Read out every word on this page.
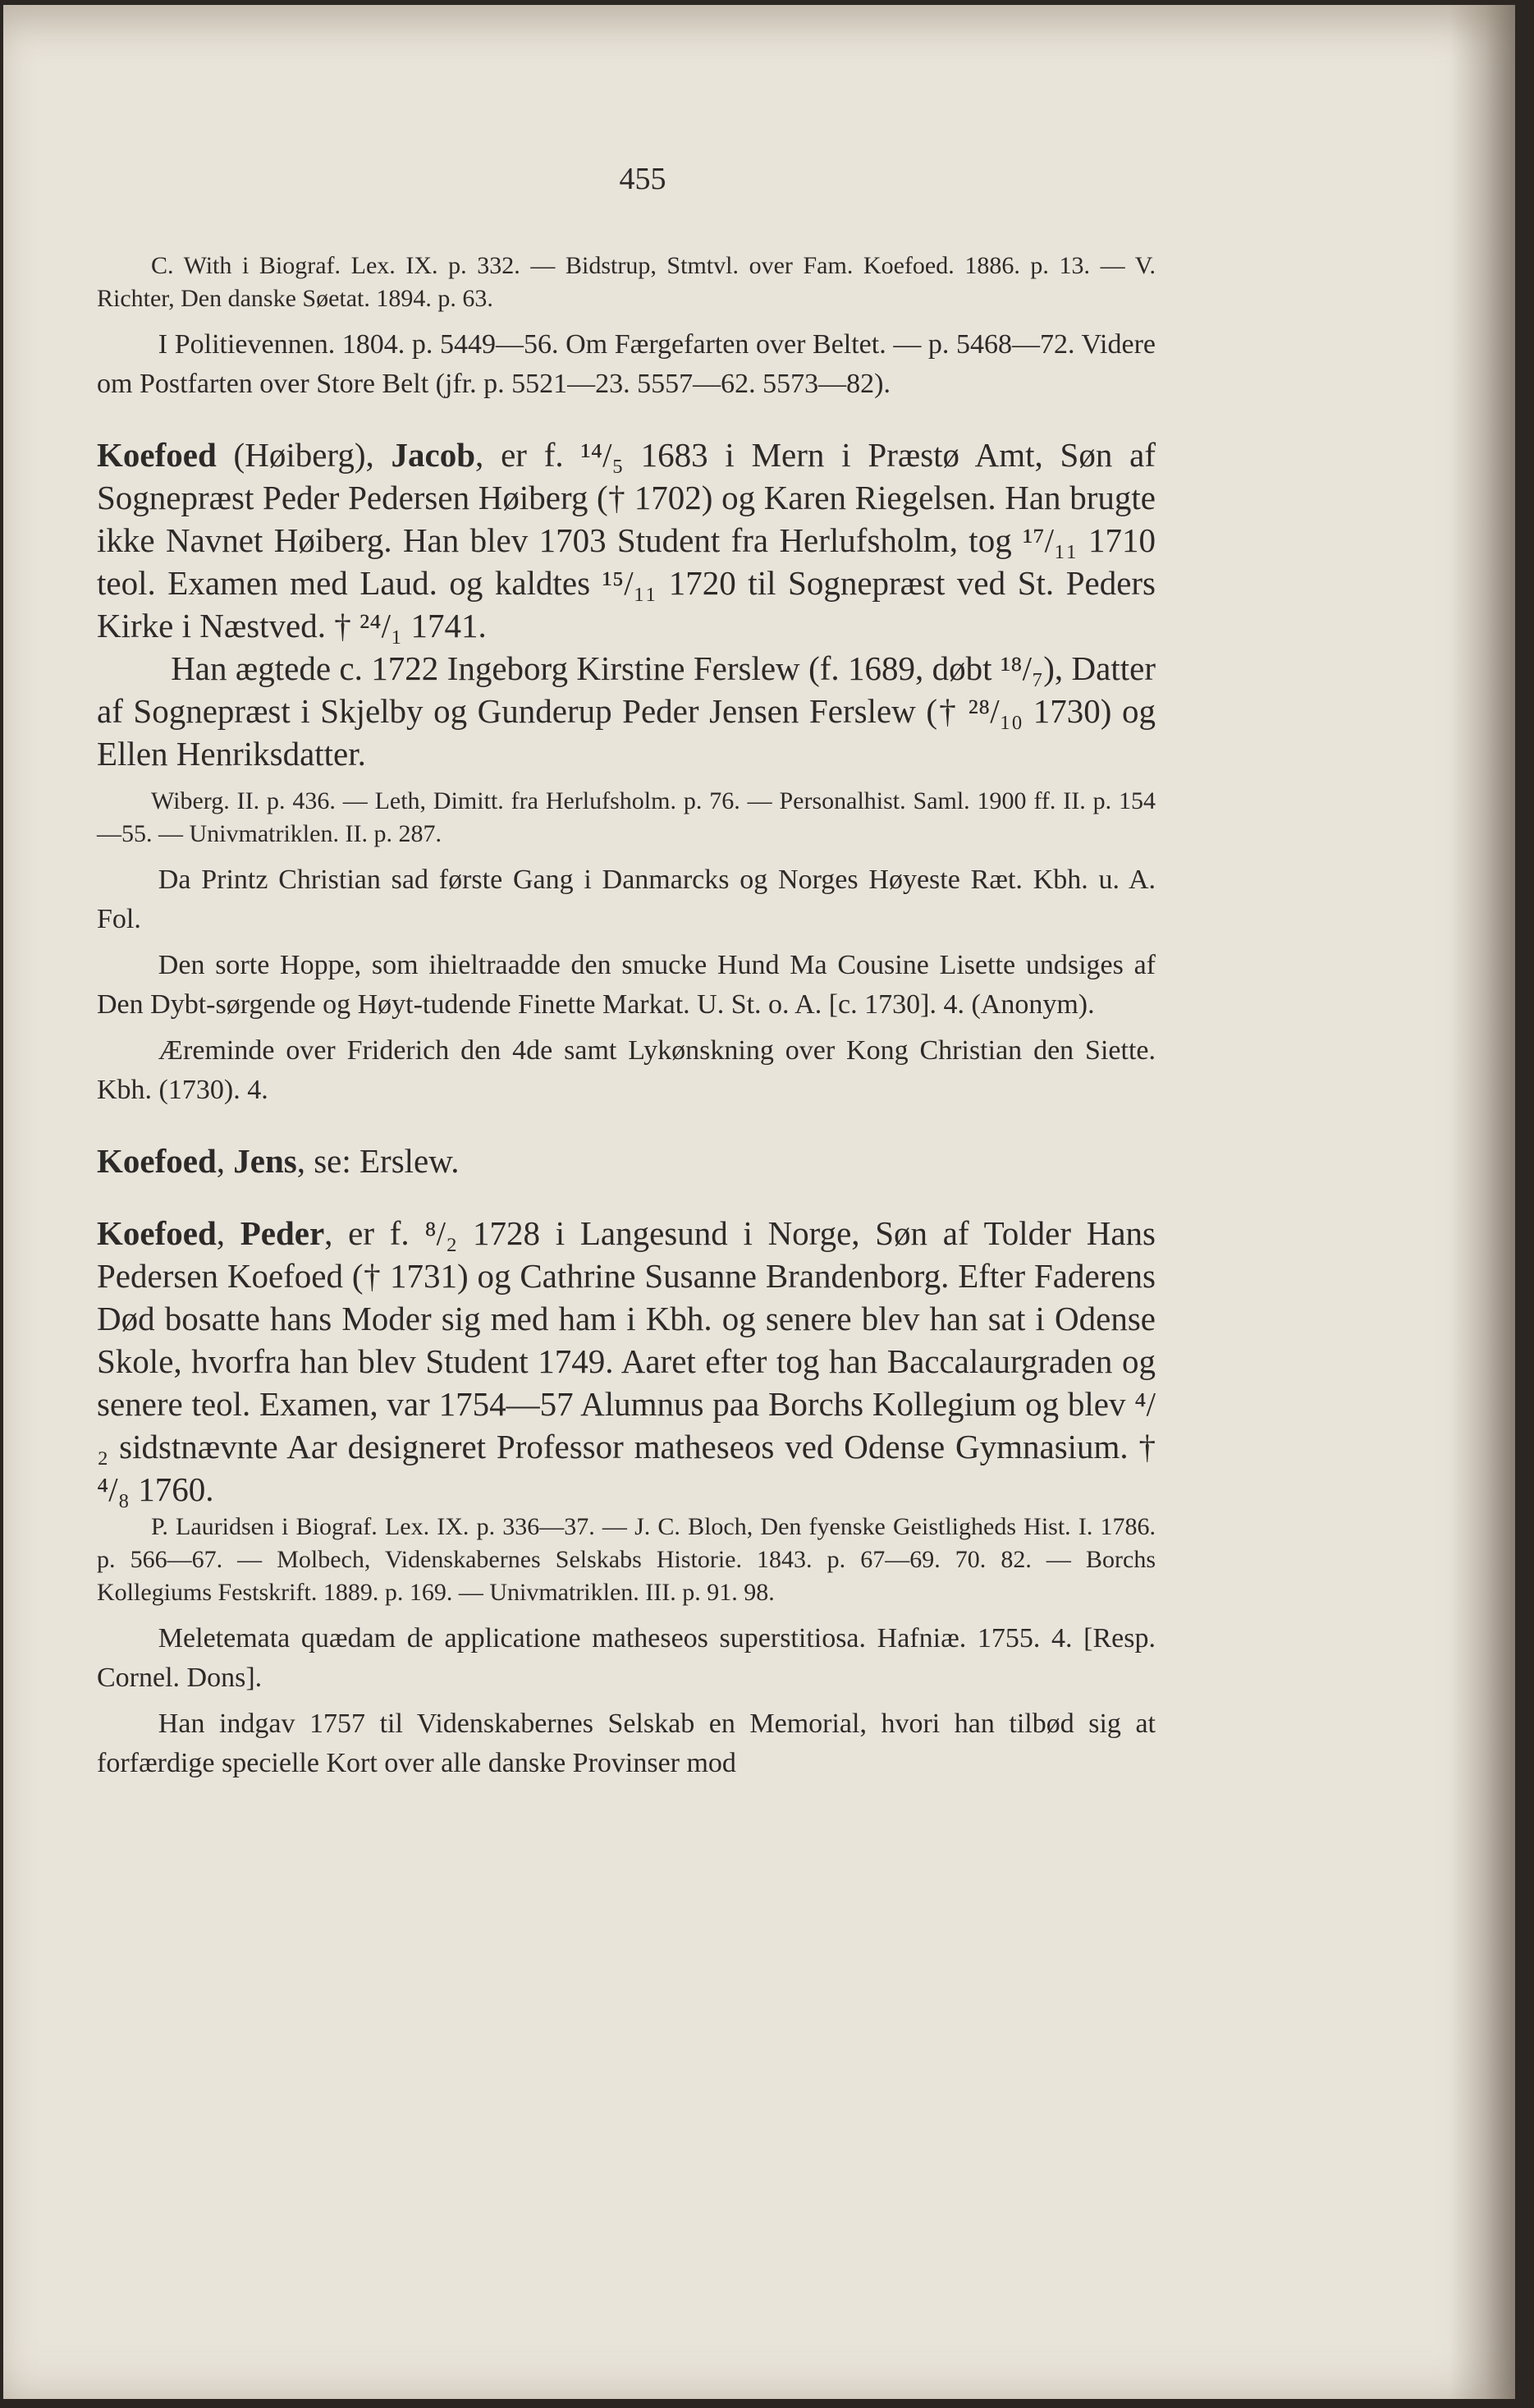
455

C. With i Biograf. Lex. IX. p. 332. — Bidstrup, Stmtvl. over Fam. Koefoed. 1886. p. 13. — V. Richter, Den danske Søetat. 1894. p. 63.

I Politievennen. 1804. p. 5449—56. Om Færgefarten over Beltet. — p. 5468—72. Videre om Postfarten over Store Belt (jfr. p. 5521—23. 5557—62. 5573—82).

Koefoed (Høiberg), Jacob, er f. ¹⁴/₅ 1683 i Mern i Præstø Amt, Søn af Sognepræst Peder Pedersen Høiberg († 1702) og Karen Riegelsen. Han brugte ikke Navnet Høiberg. Han blev 1703 Student fra Herlufsholm, tog ¹⁷/₁₁ 1710 teol. Examen med Laud. og kaldtes ¹⁵/₁₁ 1720 til Sognepræst ved St. Peders Kirke i Næstved. † ²⁴/₁ 1741.

Han ægtede c. 1722 Ingeborg Kirstine Ferslew (f. 1689, døbt ¹⁸/₇), Datter af Sognepræst i Skjelby og Gunderup Peder Jensen Ferslew († ²⁸/₁₀ 1730) og Ellen Henriksdatter.

Wiberg. II. p. 436. — Leth, Dimitt. fra Herlufsholm. p. 76. — Personalhist. Saml. 1900 ff. II. p. 154—55. — Univmatriklen. II. p. 287.

Da Printz Christian sad første Gang i Danmarcks og Norges Høyeste Ræt. Kbh. u. A. Fol.

Den sorte Hoppe, som ihieltraadde den smucke Hund Ma Cousine Lisette undsiges af Den Dybt-sørgende og Høyt-tudende Finette Markat. U. St. o. A. [c. 1730]. 4. (Anonym).

Æreminde over Friderich den 4de samt Lykønskning over Kong Christian den Siette. Kbh. (1730). 4.

Koefoed, Jens, se: Erslew.

Koefoed, Peder, er f. ⁸/₂ 1728 i Langesund i Norge, Søn af Tolder Hans Pedersen Koefoed († 1731) og Cathrine Susanne Brandenborg. Efter Faderens Død bosatte hans Moder sig med ham i Kbh. og senere blev han sat i Odense Skole, hvorfra han blev Student 1749. Aaret efter tog han Baccalaurgraden og senere teol. Examen, var 1754—57 Alumnus paa Borchs Kollegium og blev ⁴/₂ sidstnævnte Aar designeret Professor matheseos ved Odense Gymnasium. † ⁴/₈ 1760.

P. Lauridsen i Biograf. Lex. IX. p. 336—37. — J. C. Bloch, Den fyenske Geistligheds Hist. I. 1786. p. 566—67. — Molbech, Videnskabernes Selskabs Historie. 1843. p. 67—69. 70. 82. — Borchs Kollegiums Festskrift. 1889. p. 169. — Univmatriklen. III. p. 91. 98.

Meletemata quædam de applicatione matheseos superstitiosa. Hafniæ. 1755. 4. [Resp. Cornel. Dons].

Han indgav 1757 til Videnskabernes Selskab en Memorial, hvori han tilbød sig at forfærdige specielle Kort over alle danske Provinser mod
